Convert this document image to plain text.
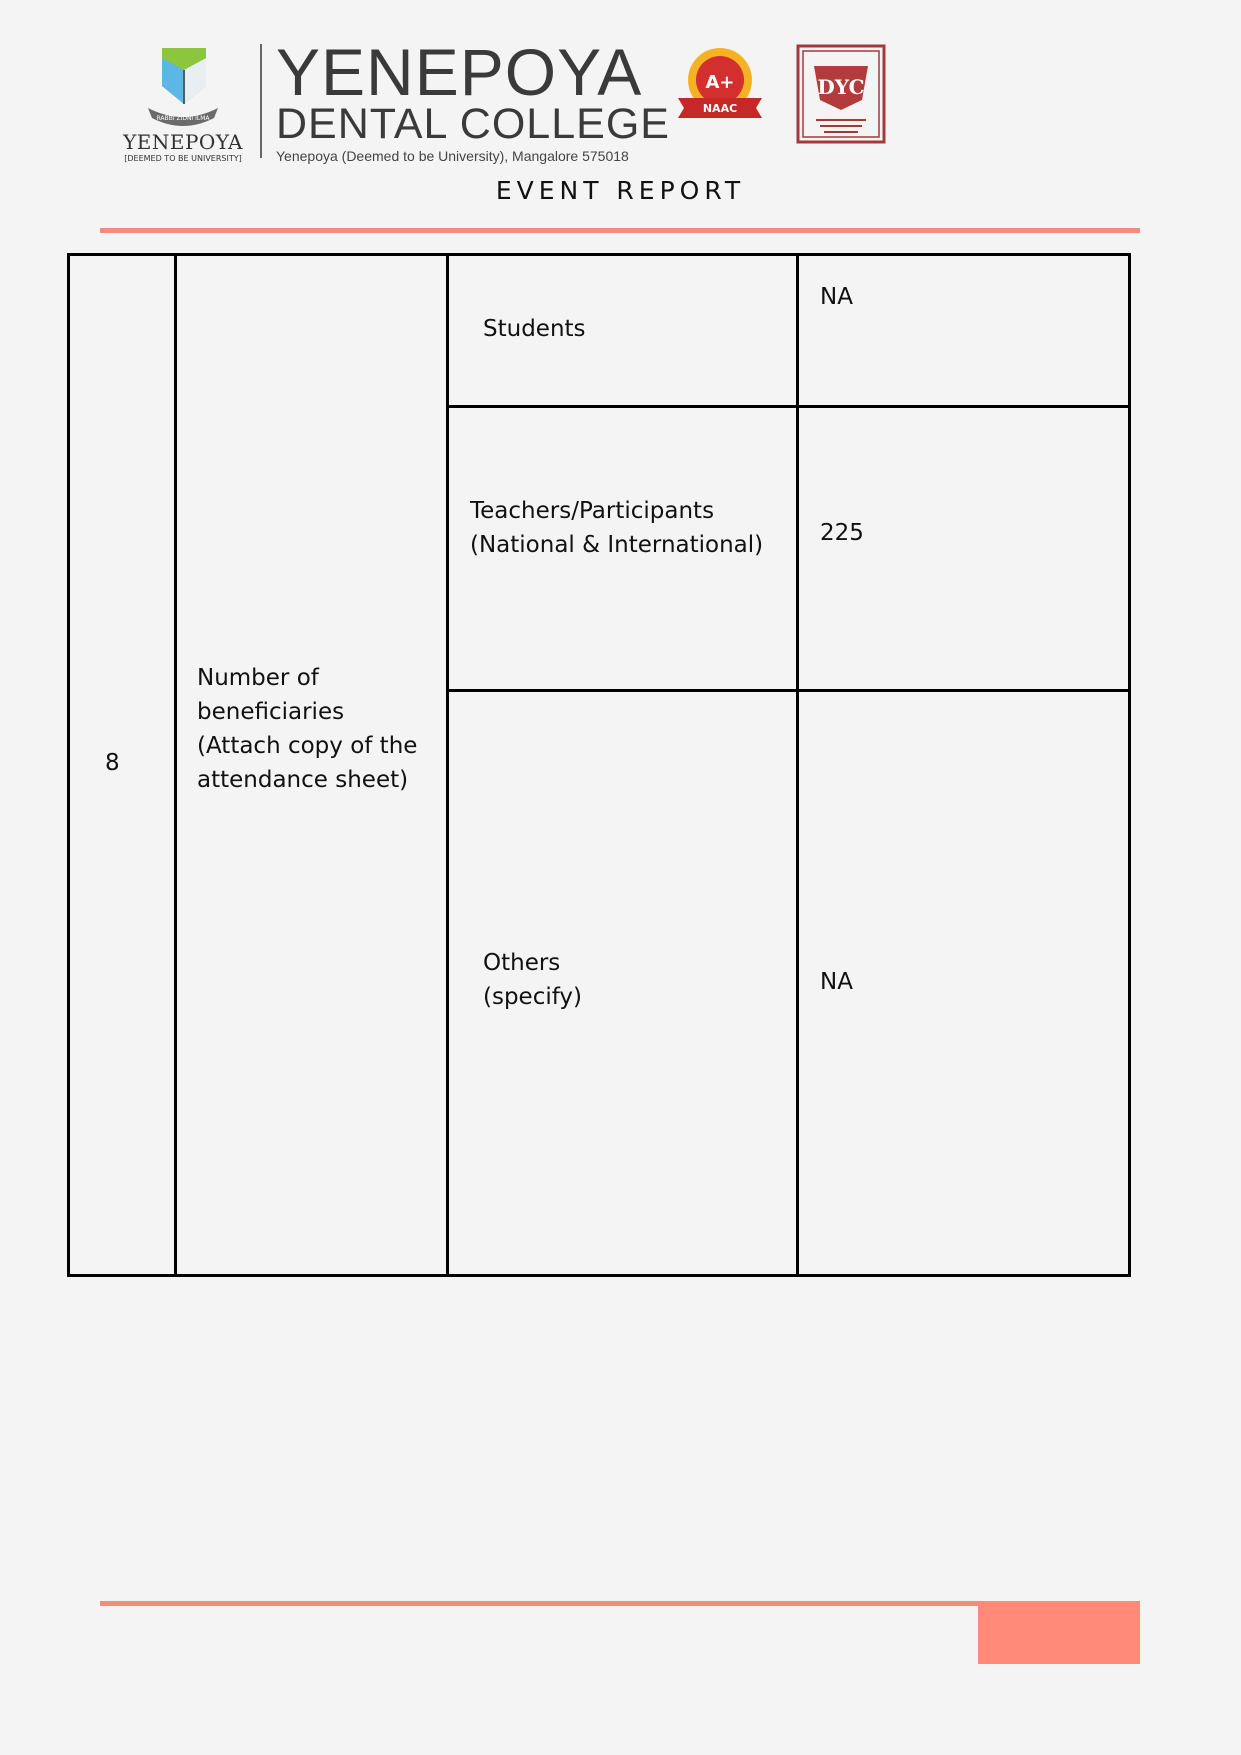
RABBI ZIDNI ILMA
YENEPOYA
[DEEMED TO BE UNIVERSITY]
YENEPOYA
DENTAL COLLEGE
Yenepoya (Deemed to be University), Mangalore 575018
A+
NAAC
DYC
EVENT REPORT
8
Number of beneficiaries (Attach copy of the attendance sheet)
Students
NA
Teachers/Participants (National & International) 225
Others (specify)
NA
